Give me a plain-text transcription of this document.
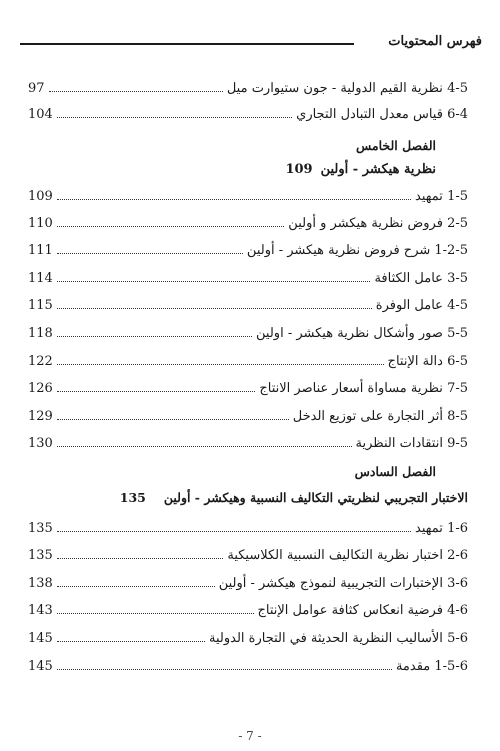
فهرس المحتويات
4-5 نظرية القيم الدولية - جون ستيوارت ميل
97
6-4 قياس معدل التبادل التجاري
104
الفصل الخامس
نظرية هيكشر - أولين109
1-5 تمهيد
109
2-5 فروض نظرية هيكشر و أولين
110
1-2-5 شرح فروض نظرية هيكشر - أولين
111
3-5 عامل الكثافة
114
4-5 عامل الوفرة
115
5-5 صور وأشكال نظرية هيكشر - اولين
118
6-5 دالة الإنتاج
122
7-5 نظرية مساواة أسعار عناصر الانتاج
126
8-5 أثر التجارة على توزيع الدخل
129
9-5 انتقادات النظرية
130
الفصل السادس
الاختبار التجريبي لنظريتي التكاليف النسبية وهيكشر - أولين135
1-6 تمهيد
135
2-6 اختبار نظرية التكاليف النسبية الكلاسيكية
135
3-6 الإختبارات التجريبية لنموذج هيكشر - أولين
138
4-6 فرضية انعكاس كثافة عوامل الإنتاج
143
5-6 الأساليب النظرية الحديثة في التجارة الدولية
145
1-5-6 مقدمة
145
- 7 -
